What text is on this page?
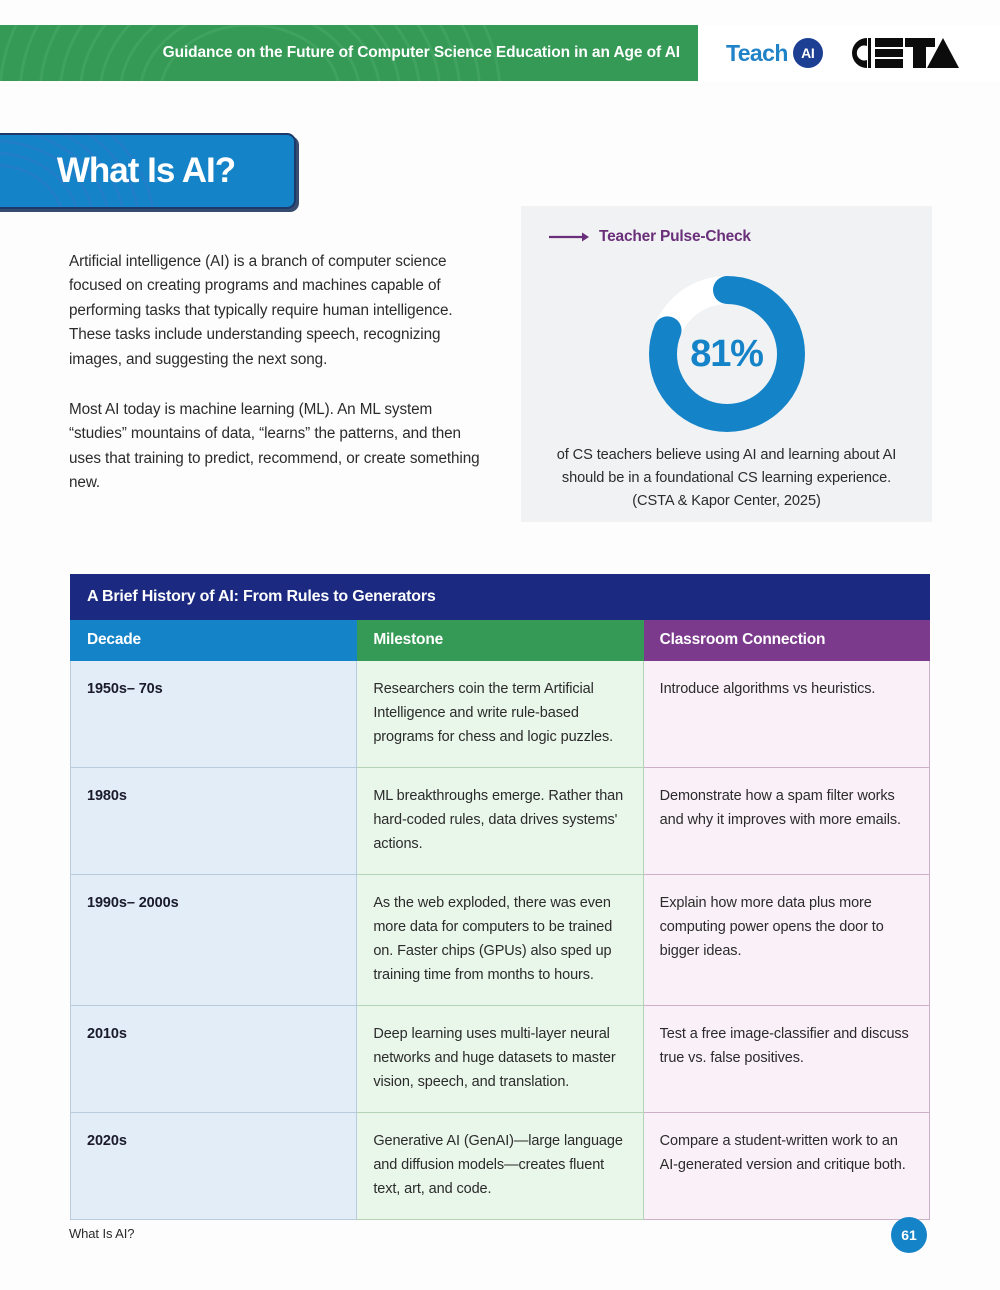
Guidance on the Future of Computer Science Education in an Age of AI	Teach AI
What Is AI?

Artificial intelligence (AI) is a branch of computer science focused on creating programs and machines capable of performing tasks that typically require human intelligence. These tasks include understanding speech, recognizing images, and suggesting the next song.

Most AI today is machine learning (ML). An ML system “studies” mountains of data, “learns” the patterns, and then uses that training to predict, recommend, or create something new.

Teacher Pulse-Check
81%
of CS teachers believe using AI and learning about AI should be in a foundational CS learning experience. (CSTA & Kapor Center, 2025)
A Brief History of AI: From Rules to Generators		
Decade	Milestone	Classroom Connection
1950s– 70s	Researchers coin the term Artificial Intelligence and write rule-based programs for chess and logic puzzles.	Introduce algorithms vs heuristics.
1980s	ML breakthroughs emerge. Rather than hard-coded rules, data drives systems' actions.	Demonstrate how a spam filter works and why it improves with more emails.
1990s– 2000s	As the web exploded, there was even more data for computers to be trained on. Faster chips (GPUs) also sped up training time from months to hours.	Explain how more data plus more computing power opens the door to bigger ideas.
2010s	Deep learning uses multi-layer neural networks and huge datasets to master vision, speech, and translation.	Test a free image-classifier and discuss true vs. false positives.
2020s	Generative AI (GenAI)—large language and diffusion models—creates fluent text, art, and code.	Compare a student-written work to an AI-generated version and critique both.
What Is AI?	61
